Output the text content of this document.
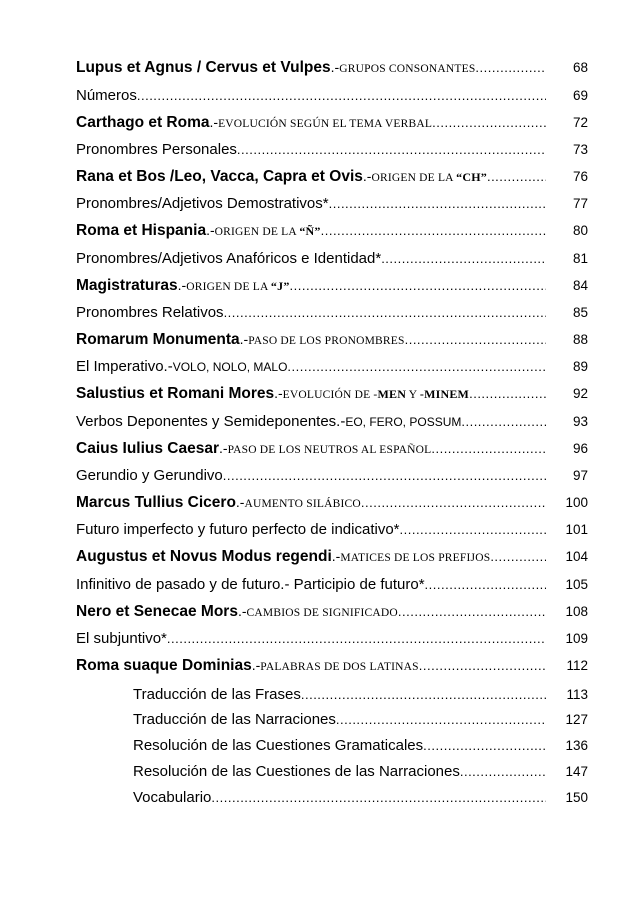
Lupus et Agnus / Cervus et Vulpes .- GRUPOS CONSONANTES .....	68
Números .....	69
Carthago et Roma .- EVOLUCIÓN SEGÚN EL TEMA VERBAL .....	72
Pronombres Personales .....	73
Rana et Bos /Leo, Vacca, Capra et Ovis .- ORIGEN DE LA “CH” .....	76
Pronombres/Adjetivos Demostrativos* .....	77
Roma et Hispania .- ORIGEN DE LA “Ñ” .....	80
Pronombres/Adjetivos Anafóricos e Identidad* .....	81
Magistraturas .- ORIGEN DE LA “J” .....	84
Pronombres Relativos .....	85
Romarum Monumenta .- PASO DE LOS PRONOMBRES .....	88
El Imperativo.- VOLO, NOLO, MALO .....	89
Salustius et Romani Mores .- EVOLUCIÓN DE -MEN Y -MINEM .....	92
Verbos Deponentes y Semideponentes.- EO, FERO, POSSUM .....	93
Caius Iulius Caesar .- PASO DE LOS NEUTROS AL ESPAÑOL .....	96
Gerundio y Gerundivo .....	97
Marcus Tullius Cicero .- AUMENTO SILÁBICO .....	100
Futuro imperfecto y futuro perfecto de indicativo* .....	101
Augustus et Novus Modus regendi .- MATICES DE LOS PREFIJOS .....	104
Infinitivo de pasado y de futuro.- Participio de futuro* .....	105
Nero et Senecae Mors .- CAMBIOS DE SIGNIFICADO .....	108
El subjuntivo* .....	109
Roma suaque Dominias .- PALABRAS DE DOS LATINAS .....	112
Traducción de las Frases .....	113
Traducción de las Narraciones .....	127
Resolución de las Cuestiones Gramaticales .....	136
Resolución de las Cuestiones de las Narraciones .....	147
Vocabulario .....	150
